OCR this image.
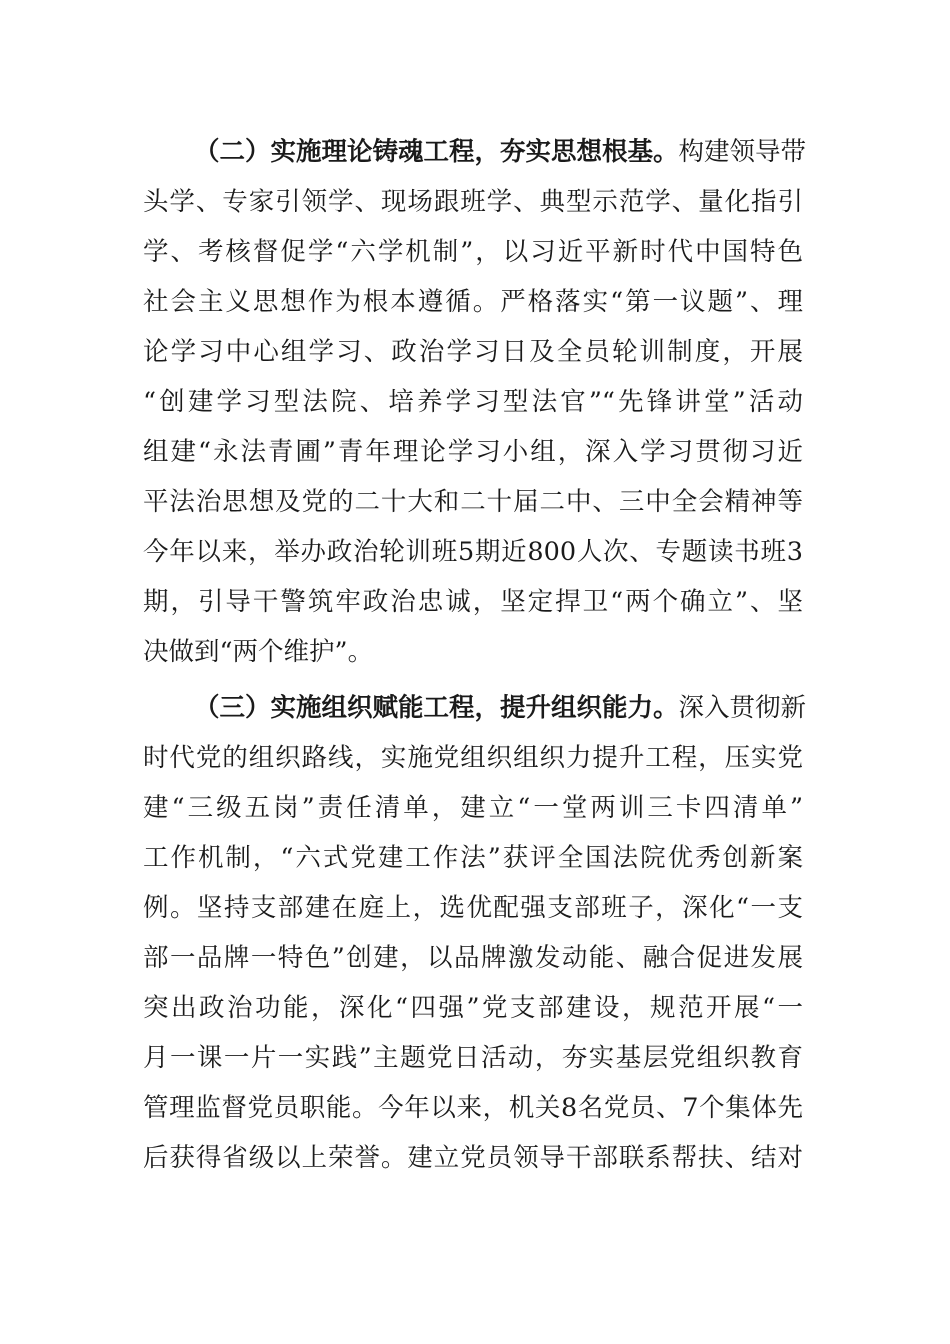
（二）实施理论铸魂工程，夯实思想根基。构建领导带
头学、专家引领学、现场跟班学、典型示范学、量化指引
学、考核督促学“六学机制”，以习近平新时代中国特色
社会主义思想作为根本遵循。严格落实“第一议题”、理
论学习中心组学习、政治学习日及全员轮训制度，开展
“创建学习型法院、培养学习型法官”“先锋讲堂”活动
组建“永法青圃”青年理论学习小组，深入学习贯彻习近
平法治思想及党的二十大和二十届二中、三中全会精神等
今年以来，举办政治轮训班5期近800人次、专题读书班3
期，引导干警筑牢政治忠诚，坚定捍卫“两个确立”、坚
决做到“两个维护”。
（三）实施组织赋能工程，提升组织能力。深入贯彻新
时代党的组织路线，实施党组织组织力提升工程，压实党
建“三级五岗”责任清单，建立“一堂两训三卡四清单”
工作机制，“六式党建工作法”获评全国法院优秀创新案
例。坚持支部建在庭上，选优配强支部班子，深化“一支
部一品牌一特色”创建，以品牌激发动能、融合促进发展
突出政治功能，深化“四强”党支部建设，规范开展“一
月一课一片一实践”主题党日活动，夯实基层党组织教育
管理监督党员职能。今年以来，机关8名党员、7个集体先
后获得省级以上荣誉。建立党员领导干部联系帮扶、结对
